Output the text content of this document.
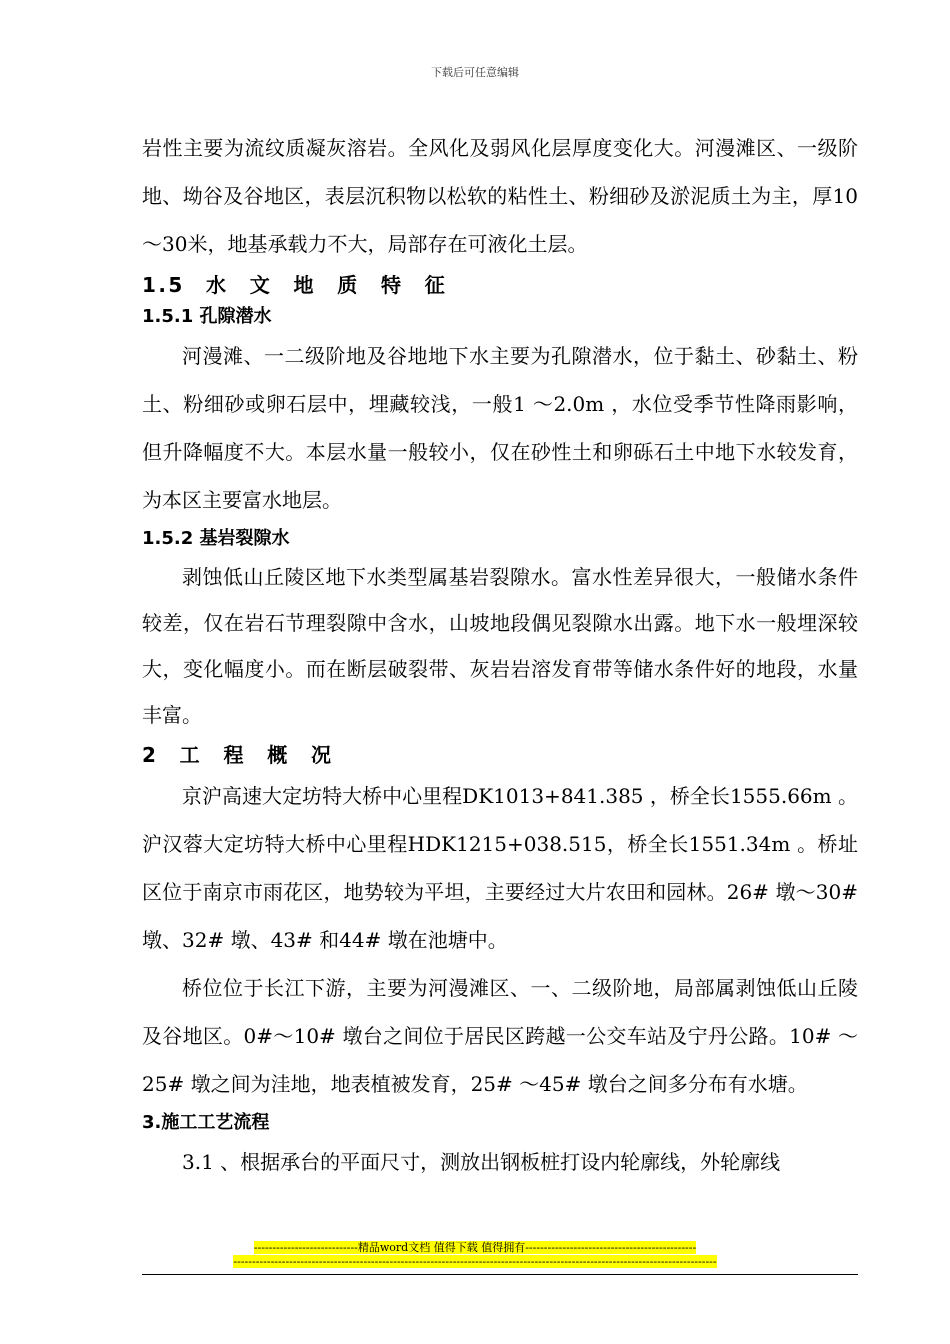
下载后可任意编辑

岩性主要为流纹质凝灰溶岩。全风化及弱风化层厚度变化大。河漫滩区、一级阶地、坳谷及谷地区，表层沉积物以松软的粘性土、粉细砂及淤泥质土为主，厚10～30米，地基承载力不大，局部存在可液化土层。

1.5 水 文 地 质 特 征
1.5.1 孔隙潜水

河漫滩、一二级阶地及谷地地下水主要为孔隙潜水，位于黏土、砂黏土、粉土、粉细砂或卵石层中，埋藏较浅，一般1 ～2.0m ，水位受季节性降雨影响，但升降幅度不大。本层水量一般较小，仅在砂性土和卵砾石土中地下水较发育，为本区主要富水地层。

1.5.2 基岩裂隙水

剥蚀低山丘陵区地下水类型属基岩裂隙水。富水性差异很大，一般储水条件较差，仅在岩石节理裂隙中含水，山坡地段偶见裂隙水出露。地下水一般埋深较大，变化幅度小。而在断层破裂带、灰岩岩溶发育带等储水条件好的地段，水量丰富。

2 工 程 概 况

京沪高速大定坊特大桥中心里程DK1013+841.385 ，桥全长1555.66m 。沪汉蓉大定坊特大桥中心里程HDK1215+038.515，桥全长1551.34m 。桥址区位于南京市雨花区，地势较为平坦，主要经过大片农田和园林。26# 墩～30# 墩、32# 墩、43# 和44# 墩在池塘中。

桥位位于长江下游，主要为河漫滩区、一、二级阶地，局部属剥蚀低山丘陵及谷地区。0#～10# 墩台之间位于居民区跨越一公交车站及宁丹公路。10# ～25# 墩之间为洼地，地表植被发育，25# ～45# 墩台之间多分布有水塘。

3.施工工艺流程

3.1 、根据承台的平面尺寸，测放出钢板桩打设内轮廓线，外轮廓线

----------------------------精品word文档 值得下载 值得拥有----------------------------------------------
----------------------------------------------------------------------------------------------------------------------------------
